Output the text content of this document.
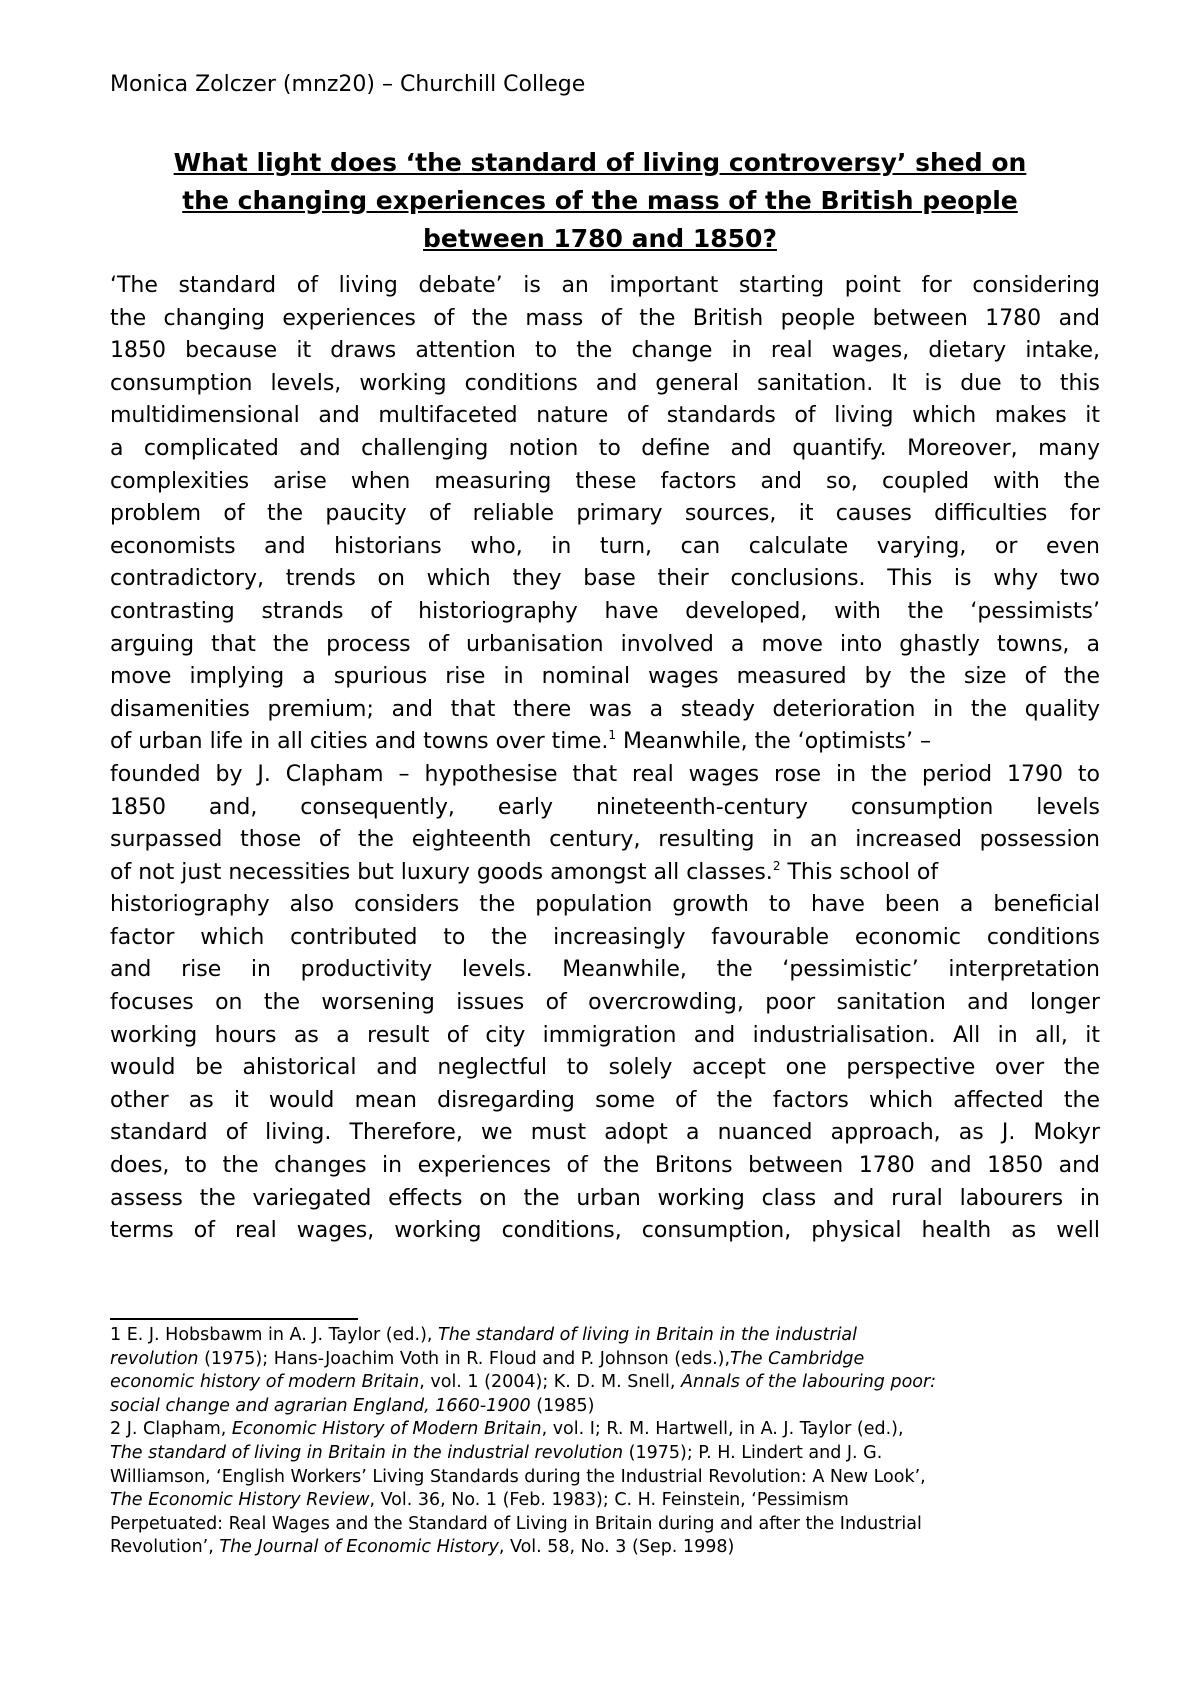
Monica Zolczer (mnz20) – Churchill College
What light does ‘the standard of living controversy’ shed on
the changing experiences of the mass of the British people
between 1780 and 1850?
‘The standard of living debate’ is an important starting point for considering
the changing experiences of the mass of the British people between 1780 and
1850 because it draws attention to the change in real wages, dietary intake,
consumption levels, working conditions and general sanitation. It is due to this
multidimensional and multifaceted nature of standards of living which makes it
a complicated and challenging notion to define and quantify. Moreover, many
complexities arise when measuring these factors and so, coupled with the
problem of the paucity of reliable primary sources, it causes difficulties for
economists and historians who, in turn, can calculate varying, or even
contradictory, trends on which they base their conclusions. This is why two
contrasting strands of historiography have developed, with the ‘pessimists’
arguing that the process of urbanisation involved a move into ghastly towns, a
move implying a spurious rise in nominal wages measured by the size of the
disamenities premium; and that there was a steady deterioration in the quality
of urban life in all cities and towns over time.$^1$ Meanwhile, the ‘optimists’ –
founded by J. Clapham – hypothesise that real wages rose in the period 1790 to
1850 and, consequently, early nineteenth-century consumption levels
surpassed those of the eighteenth century, resulting in an increased possession
of not just necessities but luxury goods amongst all classes.$^2$ This school of
historiography also considers the population growth to have been a beneficial
factor which contributed to the increasingly favourable economic conditions
and rise in productivity levels. Meanwhile, the ‘pessimistic’ interpretation
focuses on the worsening issues of overcrowding, poor sanitation and longer
working hours as a result of city immigration and industrialisation. All in all, it
would be ahistorical and neglectful to solely accept one perspective over the
other as it would mean disregarding some of the factors which affected the
standard of living. Therefore, we must adopt a nuanced approach, as J. Mokyr
does, to the changes in experiences of the Britons between 1780 and 1850 and
assess the variegated effects on the urban working class and rural labourers in
terms of real wages, working conditions, consumption, physical health as well
1 E. J. Hobsbawm in A. J. Taylor (ed.), The standard of living in Britain in the industrial
revolution (1975); Hans-Joachim Voth in R. Floud and P. Johnson (eds.),The Cambridge
economic history of modern Britain, vol. 1 (2004); K. D. M. Snell, Annals of the labouring poor:
social change and agrarian England, 1660-1900 (1985)
2 J. Clapham, Economic History of Modern Britain, vol. I; R. M. Hartwell, in A. J. Taylor (ed.),
The standard of living in Britain in the industrial revolution (1975); P. H. Lindert and J. G.
Williamson, ‘English Workers’ Living Standards during the Industrial Revolution: A New Look’,
The Economic History Review, Vol. 36, No. 1 (Feb. 1983); C. H. Feinstein, ‘Pessimism
Perpetuated: Real Wages and the Standard of Living in Britain during and after the Industrial
Revolution’, The Journal of Economic History, Vol. 58, No. 3 (Sep. 1998)
